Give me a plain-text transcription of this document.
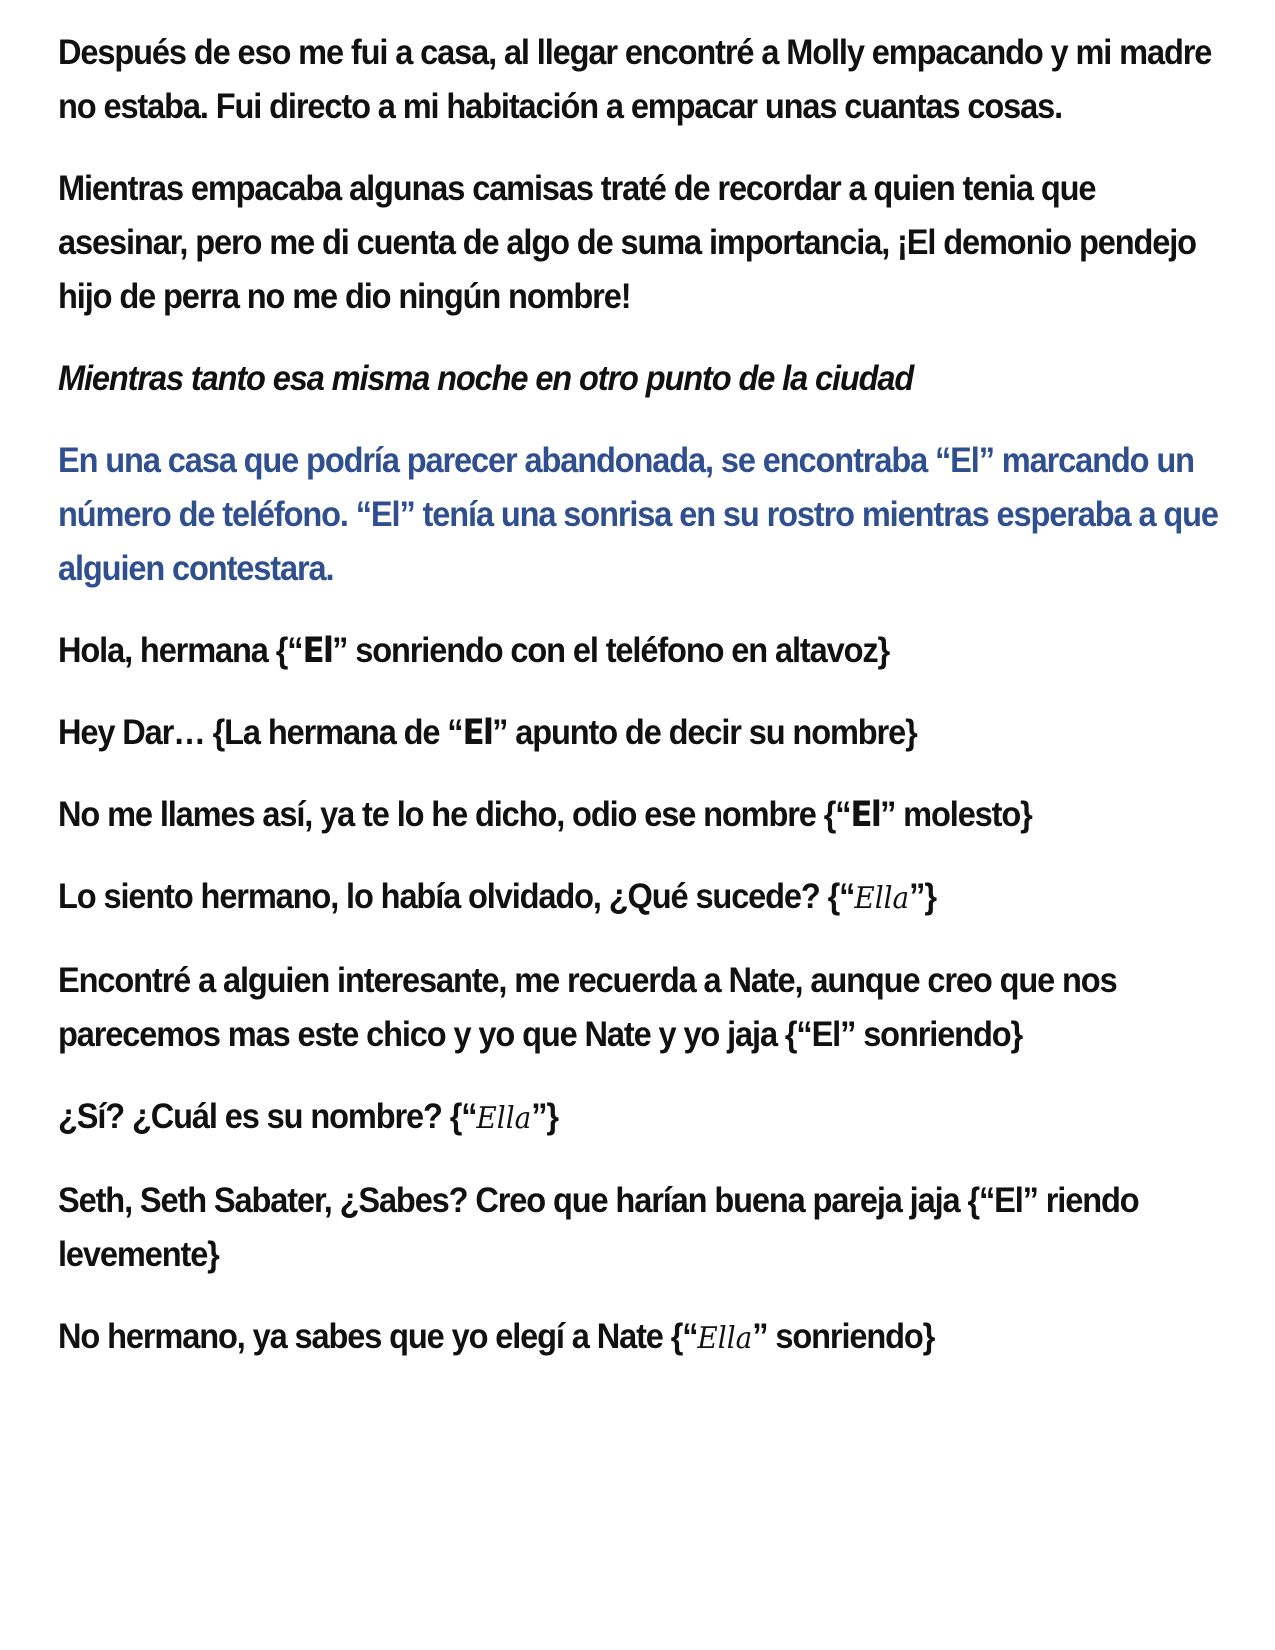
Después de eso me fui a casa, al llegar encontré a Molly empacando y mi madre no estaba. Fui directo a mi habitación a empacar unas cuantas cosas.

Mientras empacaba algunas camisas traté de recordar a quien tenia que asesinar, pero me di cuenta de algo de suma importancia, ¡El demonio pendejo hijo de perra no me dio ningún nombre!

Mientras tanto esa misma noche en otro punto de la ciudad

En una casa que podría parecer abandonada, se encontraba “El” marcando un número de teléfono. “El” tenía una sonrisa en su rostro mientras esperaba a que alguien contestara.

Hola, hermana {“El” sonriendo con el teléfono en altavoz}

Hey Dar… {La hermana de “El” apunto de decir su nombre}

No me llames así, ya te lo he dicho, odio ese nombre {“El” molesto}

Lo siento hermano, lo había olvidado, ¿Qué sucede? {“Ella”}

Encontré a alguien interesante, me recuerda a Nate, aunque creo que nos parecemos mas este chico y yo que Nate y yo jaja {“El” sonriendo}

¿Sí? ¿Cuál es su nombre? {“Ella”}

Seth, Seth Sabater, ¿Sabes? Creo que harían buena pareja jaja {“El” riendo levemente}

No hermano, ya sabes que yo elegí a Nate {“Ella” sonriendo}
